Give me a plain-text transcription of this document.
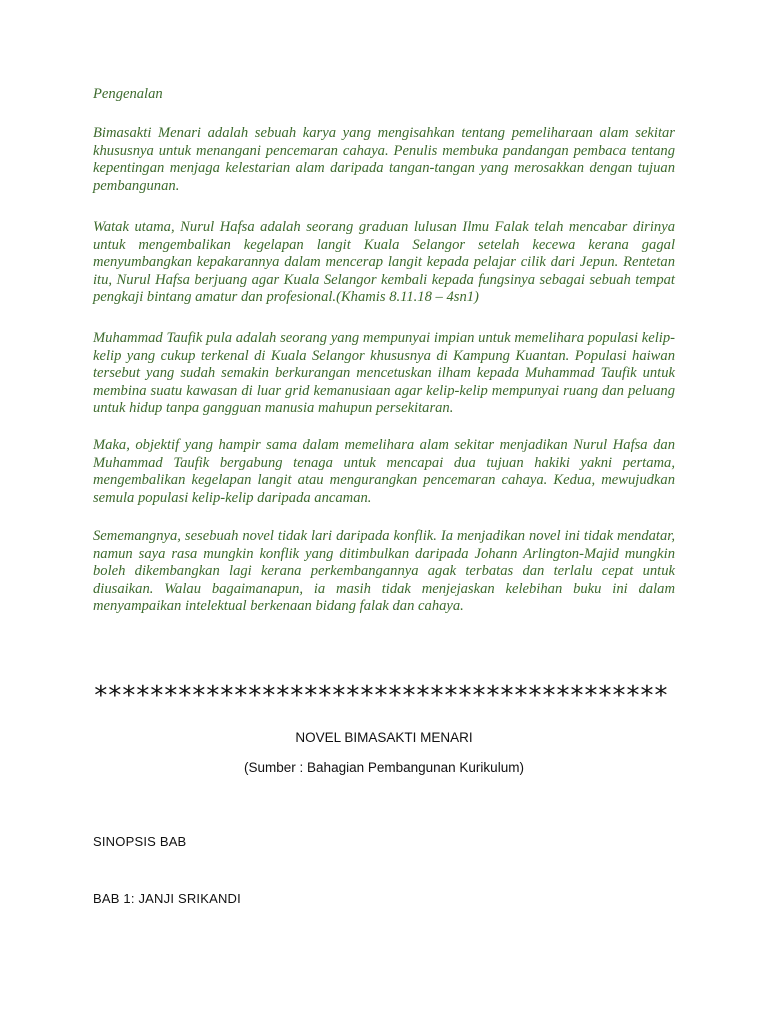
Pengenalan

Bimasakti Menari adalah sebuah karya yang mengisahkan tentang pemeliharaan alam sekitar khususnya untuk menangani pencemaran cahaya. Penulis membuka pandangan pembaca tentang kepentingan menjaga kelestarian alam daripada tangan-tangan yang merosakkan dengan tujuan pembangunan.

Watak utama, Nurul Hafsa adalah seorang graduan lulusan Ilmu Falak telah mencabar dirinya untuk mengembalikan kegelapan langit Kuala Selangor setelah kecewa kerana gagal menyumbangkan kepakarannya dalam mencerap langit kepada pelajar cilik dari Jepun. Rentetan itu, Nurul Hafsa berjuang agar Kuala Selangor kembali kepada fungsinya sebagai sebuah tempat pengkaji bintang amatur dan profesional.(Khamis 8.11.18 – 4sn1)

Muhammad Taufik pula adalah seorang yang mempunyai impian untuk memelihara populasi kelip-kelip yang cukup terkenal di Kuala Selangor khususnya di Kampung Kuantan. Populasi haiwan tersebut yang sudah semakin berkurangan mencetuskan ilham kepada Muhammad Taufik untuk membina suatu kawasan di luar grid kemanusiaan agar kelip-kelip mempunyai ruang dan peluang untuk hidup tanpa gangguan manusia mahupun persekitaran.

Maka, objektif yang hampir sama dalam memelihara alam sekitar menjadikan Nurul Hafsa dan Muhammad Taufik bergabung tenaga untuk mencapai dua tujuan hakiki yakni pertama, mengembalikan kegelapan langit atau mengurangkan pencemaran cahaya. Kedua, mewujudkan semula populasi kelip-kelip daripada ancaman.

Sememangnya, sesebuah novel tidak lari daripada konflik. Ia menjadikan novel ini tidak mendatar, namun saya rasa mungkin konflik yang ditimbulkan daripada Johann Arlington-Majid mungkin boleh dikembangkan lagi kerana perkembangannya agak terbatas dan terlalu cepat untuk diusaikan. Walau bagaimanapun, ia masih tidak menjejaskan kelebihan buku ini dalam menyampaikan intelektual berkenaan bidang falak dan cahaya.

*****************************************
NOVEL BIMASAKTI MENARI
(Sumber : Bahagian Pembangunan Kurikulum)
SINOPSIS BAB
BAB 1: JANJI SRIKANDI
